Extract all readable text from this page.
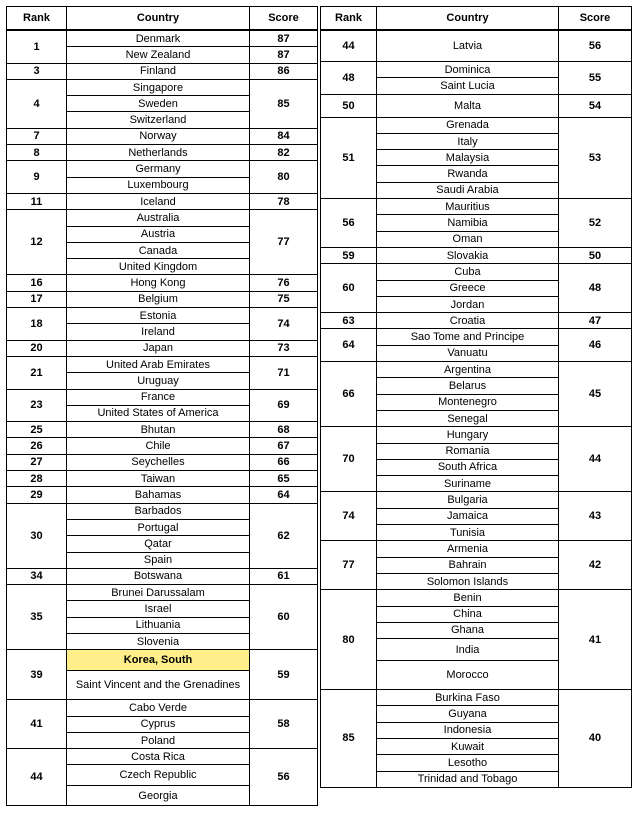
Rank	Country	Score
1	Denmark	87
	New Zealand	87
3	Finland	86
4	Singapore	85
	Sweden	
	Switzerland	
7	Norway	84
8	Netherlands	82
9	Germany	80
	Luxembourg	
11	Iceland	78
12	Australia	77
	Austria	
	Canada	
	United Kingdom	
16	Hong Kong	76
17	Belgium	75
18	Estonia	74
	Ireland	
20	Japan	73
21	United Arab Emirates	71
	Uruguay	
23	France	69
	United States of America	
25	Bhutan	68
26	Chile	67
27	Seychelles	66
28	Taiwan	65
29	Bahamas	64
30	Barbados	62
	Portugal	
	Qatar	
	Spain	
34	Botswana	61
35	Brunei Darussalam	60
	Israel	
	Lithuania	
	Slovenia	
39	Korea, South	59
	Saint Vincent and the Grenadines	
41	Cabo Verde	58
	Cyprus	
	Poland	
44	Costa Rica	56
	Czech Republic	
	Georgia	
Rank	Country	Score
44	Latvia	56
48	Dominica	55
	Saint Lucia	
50	Malta	54
51	Grenada	53
	Italy	
	Malaysia	
	Rwanda	
	Saudi Arabia	
56	Mauritius	52
	Namibia	
	Oman	
59	Slovakia	50
60	Cuba	48
	Greece	
	Jordan	
63	Croatia	47
64	Sao Tome and Principe	46
	Vanuatu	
66	Argentina	45
	Belarus	
	Montenegro	
	Senegal	
70	Hungary	44
	Romania	
	South Africa	
	Suriname	
74	Bulgaria	43
	Jamaica	
	Tunisia	
77	Armenia	42
	Bahrain	
	Solomon Islands	
80	Benin	41
	China	
	Ghana	
	India	
	Morocco	
85	Burkina Faso	40
	Guyana	
	Indonesia	
	Kuwait	
	Lesotho	
	Trinidad and Tobago	
